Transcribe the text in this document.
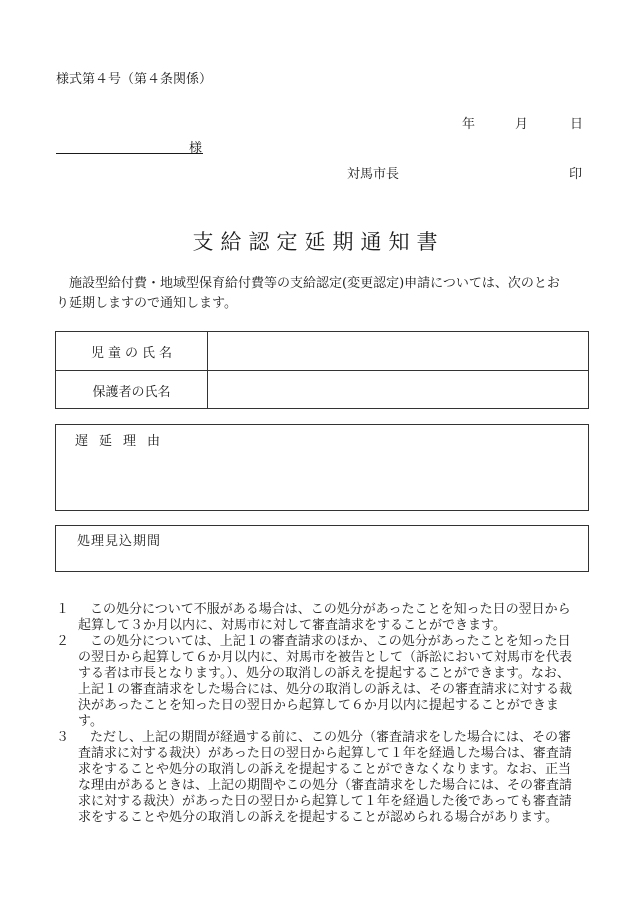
様式第４号（第４条関係）
年	月	日
様
対馬市長	印
支給認定延期通知書
施設型給付費・地域型保育給付費等の支給認定(変更認定)申請については、次のとお
り延期しますので通知します。
児童の氏名
保護者の氏名
遅延理由
処理見込期間
１	この処分について不服がある場合は、この処分があったことを知った日の翌日から
起算して３か月以内に、対馬市に対して審査請求をすることができます。
２	この処分については、上記１の審査請求のほか、この処分があったことを知った日
の翌日から起算して６か月以内に、対馬市を被告として（訴訟において対馬市を代表
する者は市長となります。）、処分の取消しの訴えを提起することができます。なお、
上記１の審査請求をした場合には、処分の取消しの訴えは、その審査請求に対する裁
決があったことを知った日の翌日から起算して６か月以内に提起することができま
す。
３	ただし、上記の期間が経過する前に、この処分（審査請求をした場合には、その審
査請求に対する裁決）があった日の翌日から起算して１年を経過した場合は、審査請
求をすることや処分の取消しの訴えを提起することができなくなります。なお、正当
な理由があるときは、上記の期間やこの処分（審査請求をした場合には、その審査請
求に対する裁決）があった日の翌日から起算して１年を経過した後であっても審査請
求をすることや処分の取消しの訴えを提起することが認められる場合があります。
